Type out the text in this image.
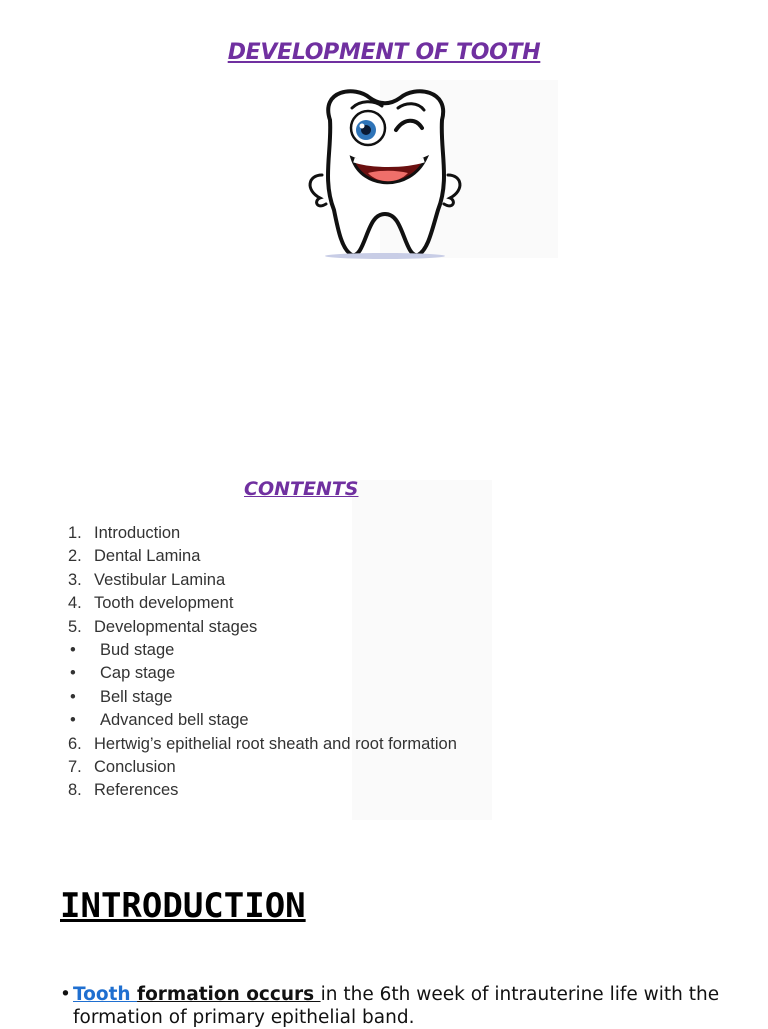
DEVELOPMENT OF TOOTH
CONTENTS
1. Introduction
2. Dental Lamina
3. Vestibular Lamina
4. Tooth development
5. Developmental stages
• Bud stage
• Cap stage
• Bell stage
• Advanced bell stage
6. Hertwig’s epithelial root sheath and root formation
7. Conclusion
8. References
INTRODUCTION
• Tooth formation occurs in the 6th week of intrauterine life with the
formation of primary epithelial band.
